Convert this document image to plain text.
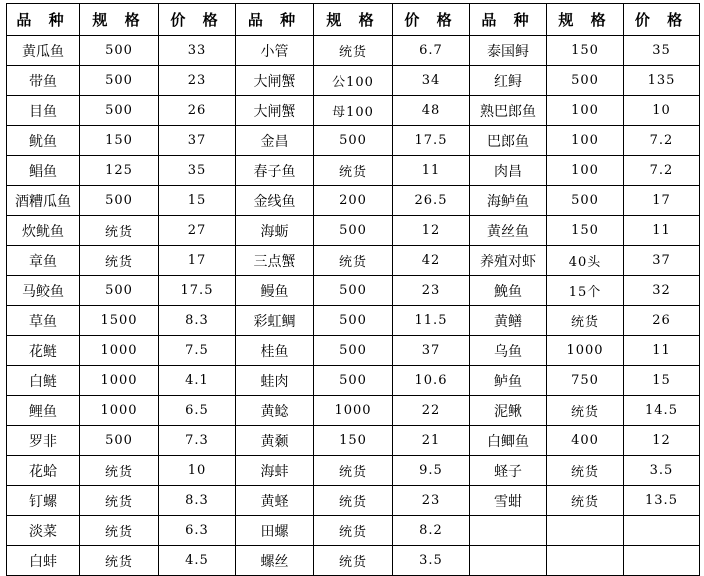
品 种	规 格	价 格	品 种	规 格	价 格	品 种	规 格	价 格
黄瓜鱼	500	33	小管	统货	6.7	泰国鲟	150	35
带鱼	500	23	大闸蟹	公100	34	红鲟	500	135
目鱼	500	26	大闸蟹	母100	48	熟巴郎鱼	100	10
鱿鱼	150	37	金昌	500	17.5	巴郎鱼	100	7.2
鲳鱼	125	35	春子鱼	统货	11	肉昌	100	7.2
酒糟瓜鱼	500	15	金线鱼	200	26.5	海鲈鱼	500	17
炊鱿鱼	统货	27	海蛎	500	12	黄丝鱼	150	11
章鱼	统货	17	三点蟹	统货	42	养殖对虾	40头	37
马鲛鱼	500	17.5	鳗鱼	500	23	鮸鱼	15个	32
草鱼	1500	8.3	彩虹鲷	500	11.5	黄鳝	统货	26
花鲢	1000	7.5	桂鱼	500	37	乌鱼	1000	11
白鲢	1000	4.1	蛙肉	500	10.6	鲈鱼	750	15
鲤鱼	1000	6.5	黄鲶	1000	22	泥鳅	统货	14.5
罗非	500	7.3	黄颡	150	21	白鲫鱼	400	12
花蛤	统货	10	海蚌	统货	9.5	蛏子	统货	3.5
钉螺	统货	8.3	黄蛏	统货	23	雪蚶	统货	13.5
淡菜	统货	6.3	田螺	统货	8.2			
白蚌	统货	4.5	螺丝	统货	3.5			
